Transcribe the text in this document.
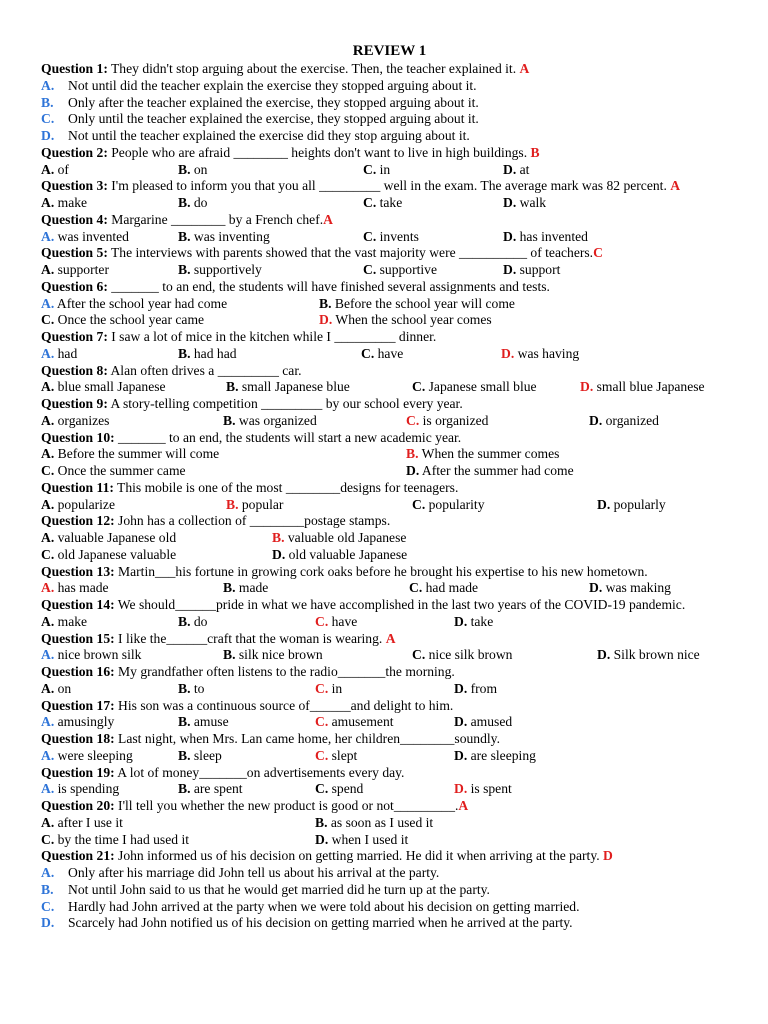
REVIEW 1
Question 1: They didn't stop arguing about the exercise. Then, the teacher explained it. A
A. Not until did the teacher explain the exercise they stopped arguing about it.
B. Only after the teacher explained the exercise, they stopped arguing about it.
C. Only until the teacher explained the exercise, they stopped arguing about it.
D. Not until the teacher explained the exercise did they stop arguing about it.
Question 2: People who are afraid ________ heights don't want to live in high buildings. B
A. of	B. on	C. in	D. at
Question 3: I'm pleased to inform you that you all _________ well in the exam. The average mark was 82 percent. A
A. make	B. do	C. take	D. walk
Question 4: Margarine ________ by a French chef.A
A. was invented	B. was inventing	C. invents	D. has invented
Question 5: The interviews with parents showed that the vast majority were __________ of teachers.C
A. supporter	B. supportively	C. supportive	D. support
Question 6: _______ to an end, the students will have finished several assignments and tests.
A. After the school year had come	B. Before the school year will come
C. Once the school year came	D. When the school year comes
Question 7: I saw a lot of mice in the kitchen while I _________ dinner.
A. had	B. had had	C. have	D. was having
Question 8: Alan often drives a _________ car.
A. blue small Japanese	B. small Japanese blue	C. Japanese small blue	D. small blue Japanese
Question 9: A story-telling competition _________ by our school every year.
A. organizes	B. was organized	C. is organized	D. organized
Question 10: _______ to an end, the students will start a new academic year.
A. Before the summer will come	B. When the summer comes
C. Once the summer came	D. After the summer had come
Question 11: This mobile is one of the most ________designs for teenagers.
A. popularize	B. popular	C. popularity	D. popularly
Question 12: John has a collection of ________postage stamps.
A. valuable Japanese old	B. valuable old Japanese
C. old Japanese valuable	D. old valuable Japanese
Question 13: Martin___his fortune in growing cork oaks before he brought his expertise to his new hometown.
A. has made	B. made	C. had made	D. was making
Question 14: We should______pride in what we have accomplished in the last two years of the COVID-19 pandemic.
A. make	B. do	C. have	D. take
Question 15: I like the______craft that the woman is wearing. A
A. nice brown silk	B. silk nice brown	C. nice silk brown	D. Silk brown nice
Question 16: My grandfather often listens to the radio_______the morning.
A. on	B. to	C. in	D. from
Question 17: His son was a continuous source of______and delight to him.
A. amusingly	B. amuse	C. amusement	D. amused
Question 18: Last night, when Mrs. Lan came home, her children________soundly.
A. were sleeping	B. sleep	C. slept	D. are sleeping
Question 19: A lot of money_______on advertisements every day.
A. is spending	B. are spent	C. spend	D. is spent
Question 20: I'll tell you whether the new product is good or not_________.A
A. after I use it	B. as soon as I used it
C. by the time I had used it	D. when I used it
Question 21: John informed us of his decision on getting married. He did it when arriving at the party. D
A. Only after his marriage did John tell us about his arrival at the party.
B. Not until John said to us that he would get married did he turn up at the party.
C. Hardly had John arrived at the party when we were told about his decision on getting married.
D. Scarcely had John notified us of his decision on getting married when he arrived at the party.
